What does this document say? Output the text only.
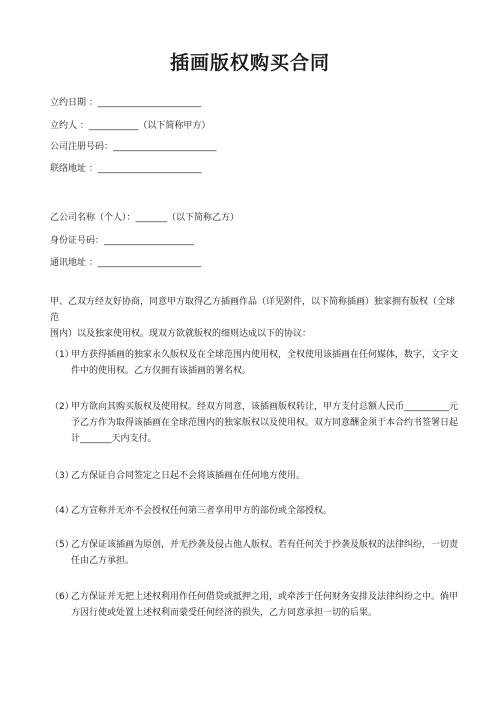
插画版权购买合同
立约日期 ：_______________________
立约人 ：___________（以下简称甲方）
公司注册号码：_______________________
联络地址 ：_______________________
乙公司名称（个人）：_______（以下简称乙方）
身份证号码：____________________
通讯地址 ：_______________________
甲、乙双方经友好协商，同意甲方取得乙方插画作品（详见附件，以下简称插画）独家拥有版权（全球范
围内）以及独家使用权。现双方欲就版权的细则达成以下的协议：
（1）
甲方获得插画的独家永久版权及在全球范围内使用权，全权使用该插画在任何媒体，数字，文字文
件中的使用权。乙方仅拥有该插画的署名权。
（2）
甲方欲向其购买版权及使用权。经双方同意，该插画版权转让，甲方支付总额人民币__________元
予乙方作为取得该插画在全球范围内的独家版权以及使用权。双方同意酬金须于本合约书签署日起
计_______天内支付。
（3）
乙方保证自合同签定之日起不会将该插画在任何地方使用。
（4）
乙方宣称并无亦不会授权任何第三者享用甲方的部份或全部授权。
（5）
乙方保证该插画为原创，并无抄袭及侵占他人版权。若有任何关于抄袭及版权的法律纠纷，一切责
任由乙方承担。
（6）
乙方保证并无把上述权利用作任何借贷或抵押之用，或牵涉于任何财务安排及法律纠纷之中。倘甲
方因行使或处置上述权利而蒙受任何经济的损失，乙方同意承担一切的后果。
